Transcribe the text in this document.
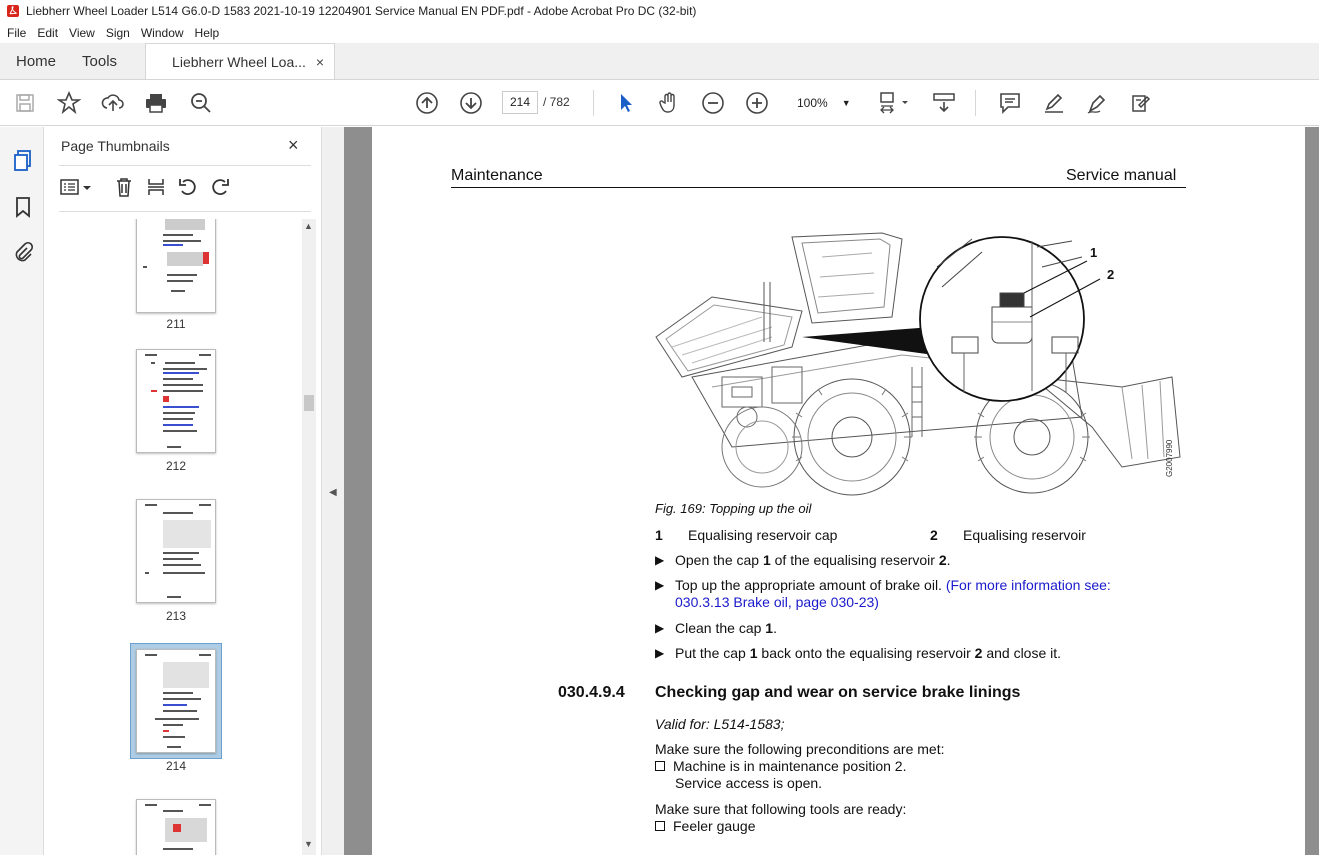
Liebherr Wheel Loader L514 G6.0-D 1583 2021-10-19 12204901 Service Manual EN PDF.pdf - Adobe Acrobat Pro DC (32-bit)
File Edit View Sign Window Help
Home Tools	Liebherr Wheel Loa... ×
214	/ 782	100% ▼
Page Thumbnails	×
211
212
213
214
▲
▼
◀
Maintenance	Service manual
1
2
G2007990
Fig. 169: Topping up the oil
1 Equalising reservoir cap	2 Equalising reservoir
▶ Open the cap 1 of the equalising reservoir 2.
▶ Top up the appropriate amount of brake oil. (For more information see:
030.3.13 Brake oil, page 030-23)
▶ Clean the cap 1.
▶ Put the cap 1 back onto the equalising reservoir 2 and close it.
030.4.9.4 Checking gap and wear on service brake linings
Valid for: L514-1583;
Make sure the following preconditions are met:
Machine is in maintenance position 2.
Service access is open.
Make sure that following tools are ready:
Feeler gauge
